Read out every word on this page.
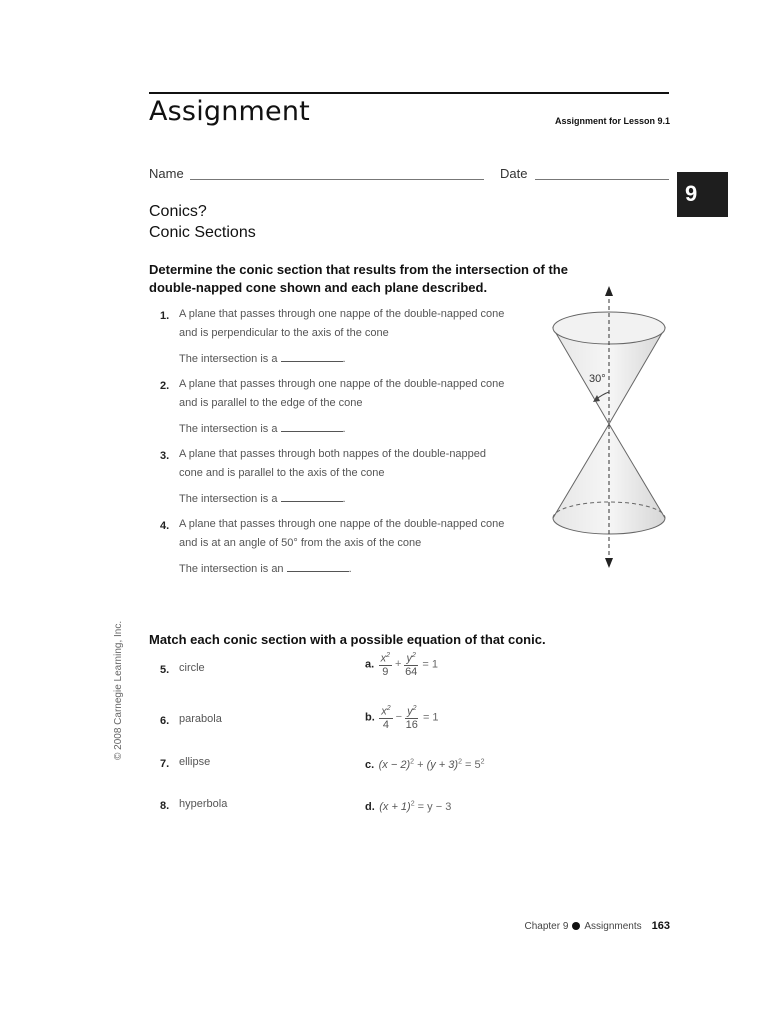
Assignment	Assignment for Lesson 9.1
Name	Date
9
Conics?
Conic Sections
Determine the conic section that results from the intersection of the
double-napped cone shown and each plane described.
1. A plane that passes through one nappe of the double-napped cone
and is perpendicular to the axis of the cone
The intersection is a	.
2. A plane that passes through one nappe of the double-napped cone
and is parallel to the edge of the cone
The intersection is a	.
3. A plane that passes through both nappes of the double-napped
cone and is parallel to the axis of the cone
The intersection is a	.
4. A plane that passes through one nappe of the double-napped cone
and is at an angle of 50° from the axis of the cone
The intersection is an	.
30°
© 2008 Carnegie Learning, Inc. Match each conic section with a possible equation of that conic.
5. circle
6. parabola
7. ellipse
8. hyperbola
a. $\frac{x^2}{9} + \frac{y^2}{64} = 1$
b. $\frac{x^2}{4} - \frac{y^2}{16} = 1$
c. $(x - 2)^2 + (y + 3)^2 = 5^2$
d. $(x + 1)^2 = y - 3$
Chapter 9 Assignments 163
